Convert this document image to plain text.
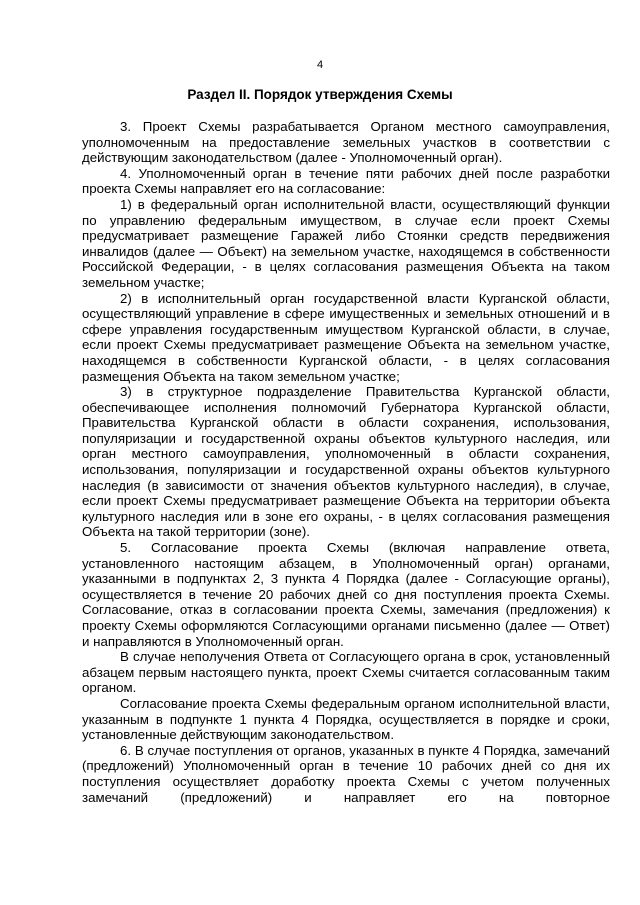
4
Раздел II. Порядок утверждения Схемы

3. Проект Схемы разрабатывается Органом местного самоуправления, уполномоченным на предоставление земельных участков в соответствии с действующим законодательством (далее - Уполномоченный орган).

4. Уполномоченный орган в течение пяти рабочих дней после разработки проекта Схемы направляет его на согласование:

1) в федеральный орган исполнительной власти, осуществляющий функции по управлению федеральным имуществом, в случае если проект Схемы предусматривает размещение Гаражей либо Стоянки средств передвижения инвалидов (далее — Объект) на земельном участке, находящемся в собственности Российской Федерации, - в целях согласования размещения Объекта на таком земельном участке;

2) в исполнительный орган государственной власти Курганской области, осуществляющий управление в сфере имущественных и земельных отношений и в сфере управления государственным имуществом Курганской области, в случае, если проект Схемы предусматривает размещение Объекта на земельном участке, находящемся в собственности Курганской области, - в целях согласования размещения Объекта на таком земельном участке;

3) в структурное подразделение Правительства Курганской области, обеспечивающее исполнения полномочий Губернатора Курганской области, Правительства Курганской области в области сохранения, использования, популяризации и государственной охраны объектов культурного наследия, или орган местного самоуправления, уполномоченный в области сохранения, использования, популяризации и государственной охраны объектов культурного наследия (в зависимости от значения объектов культурного наследия), в случае, если проект Схемы предусматривает размещение Объекта на территории объекта культурного наследия или в зоне его охраны, - в целях согласования размещения Объекта на такой территории (зоне).

5. Согласование проекта Схемы (включая направление ответа, установленного настоящим абзацем, в Уполномоченный орган) органами, указанными в подпунктах 2, 3 пункта 4 Порядка (далее - Согласующие органы), осуществляется в течение 20 рабочих дней со дня поступления проекта Схемы. Согласование, отказ в согласовании проекта Схемы, замечания (предложения) к проекту Схемы оформляются Согласующими органами письменно (далее — Ответ) и направляются в Уполномоченный орган.

В случае неполучения Ответа от Согласующего органа в срок, установленный абзацем первым настоящего пункта, проект Схемы считается согласованным таким органом.

Согласование проекта Схемы федеральным органом исполнительной власти, указанным в подпункте 1 пункта 4 Порядка, осуществляется в порядке и сроки, установленные действующим законодательством.

6. В случае поступления от органов, указанных в пункте 4 Порядка, замечаний (предложений) Уполномоченный орган в течение 10 рабочих дней со дня их поступления осуществляет доработку проекта Схемы с учетом полученных замечаний (предложений) и направляет его на повторное
